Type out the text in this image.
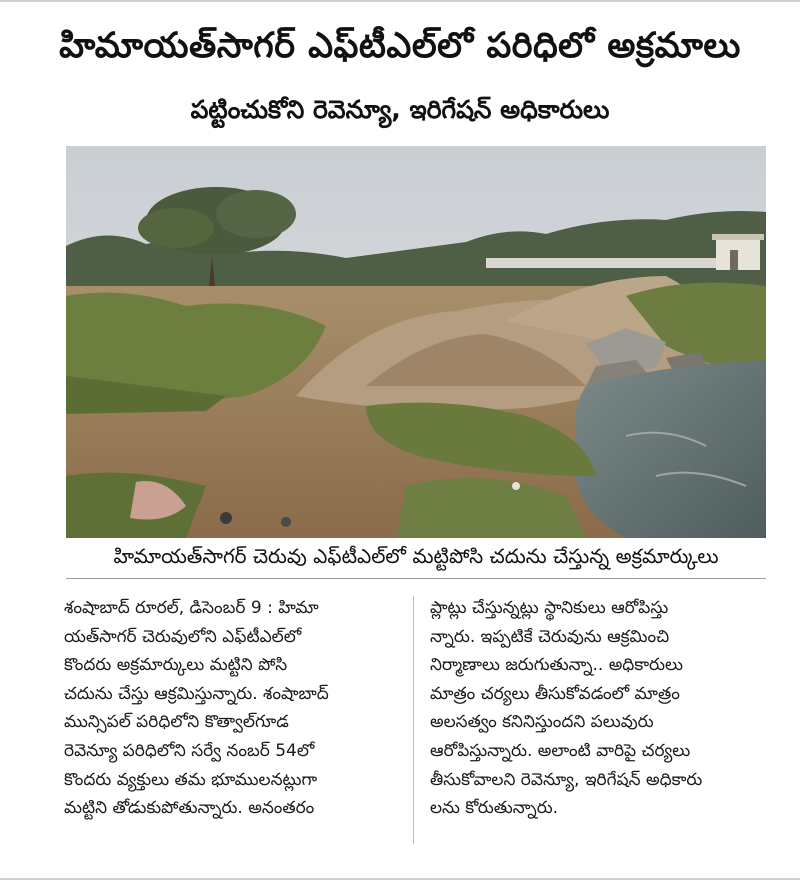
హిమాయత్‌సాగర్ ఎఫ్‌టీఎల్‌లో పరిధిలో అక్రమాలు
పట్టించుకోని రెవెన్యూ, ఇరిగేషన్ అధికారులు
హిమాయత్‌సాగర్ చెరువు ఎఫ్‌టీఎల్‌లో మట్టిపోసి చదును చేస్తున్న అక్రమార్కులు
శంషాబాద్ రూరల్, డిసెంబర్ 9 : హిమా
యత్‌సాగర్ చెరువులోని ఎఫ్‌టీఎల్‌లో
కొందరు అక్రమార్కులు మట్టిని పోసి
చదును చేస్తు ఆక్రమిస్తున్నారు. శంషాబాద్
మున్సిపల్ పరిధిలోని కొత్వాల్‌గూడ
రెవెన్యూ పరిధిలోని సర్వే నంబర్ 54లో
కొందరు వ్యక్తులు తమ భూములనట్లుగా
మట్టిని తోడుకుపోతున్నారు. అనంతరం
ప్లాట్లు చేస్తున్నట్లు స్థానికులు ఆరోపిస్తు
న్నారు. ఇప్పటికే చెరువును ఆక్రమించి
నిర్మాణాలు జరుగుతున్నా.. అధికారులు
మాత్రం చర్యలు తీసుకోవడంలో మాత్రం
అలసత్వం కనినిస్తుందని పలువురు
ఆరోపిస్తున్నారు. అలాంటి వారిపై చర్యలు
తీసుకోవాలని రెవెన్యూ, ఇరిగేషన్ అధికారు
లను కోరుతున్నారు.
